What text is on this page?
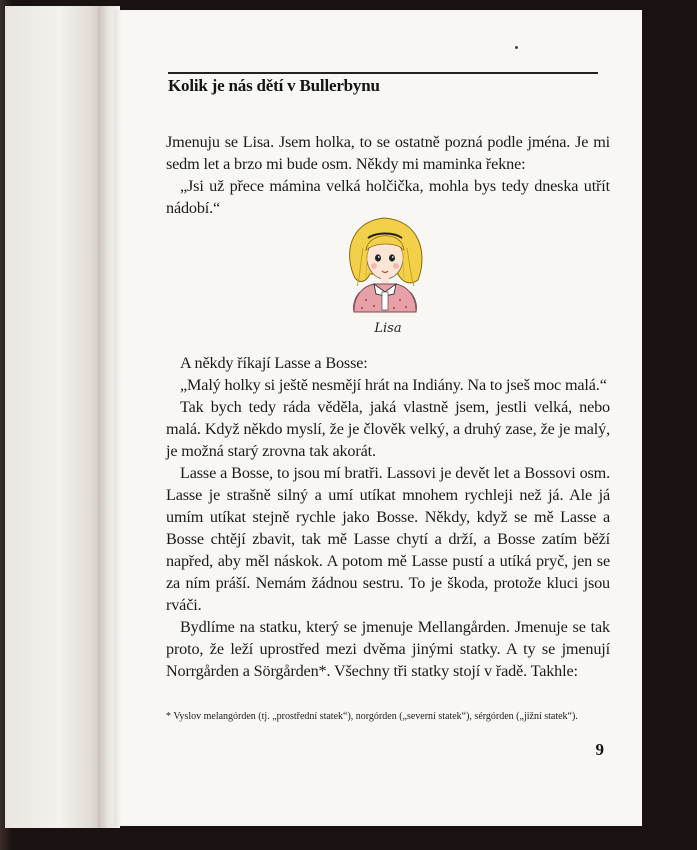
Kolik je nás dětí v Bullerbynu

Jmenuju se Lisa. Jsem holka, to se ostatně pozná podle jména. Je mi sedm let a brzo mi bude osm. Někdy mi maminka řekne:

„Jsi už přece mámina velká holčička, mohla bys tedy dneska utřít nádobí.“

Lisa

A někdy říkají Lasse a Bosse:

„Malý holky si ještě nesmějí hrát na Indiány. Na to jseš moc malá.“

Tak bych tedy ráda věděla, jaká vlastně jsem, jestli velká, nebo malá. Když někdo myslí, že je člověk velký, a druhý zase, že je malý, je možná starý zrovna tak akorát.

Lasse a Bosse, to jsou mí bratři. Lassovi je devět let a Bossovi osm. Lasse je strašně silný a umí utíkat mnohem rychleji než já. Ale já umím utíkat stejně rychle jako Bosse. Někdy, když se mě Lasse a Bosse chtějí zbavit, tak mě Lasse chytí a drží, a Bosse zatím běží napřed, aby měl náskok. A potom mě Lasse pustí a utíká pryč, jen se za ním práší. Nemám žádnou sestru. To je škoda, protože kluci jsou rváči.

Bydlíme na statku, který se jmenuje Mellangården. Jmenuje se tak proto, že leží uprostřed mezi dvěma jinými statky. A ty se jmenují Norrgården a Sörgården*. Všechny tři statky stojí v řadě. Takhle:

* Vyslov melangórden (tj. „prostřední statek“), norgórden („severní statek“), sérgórden („jižní statek“).
9
